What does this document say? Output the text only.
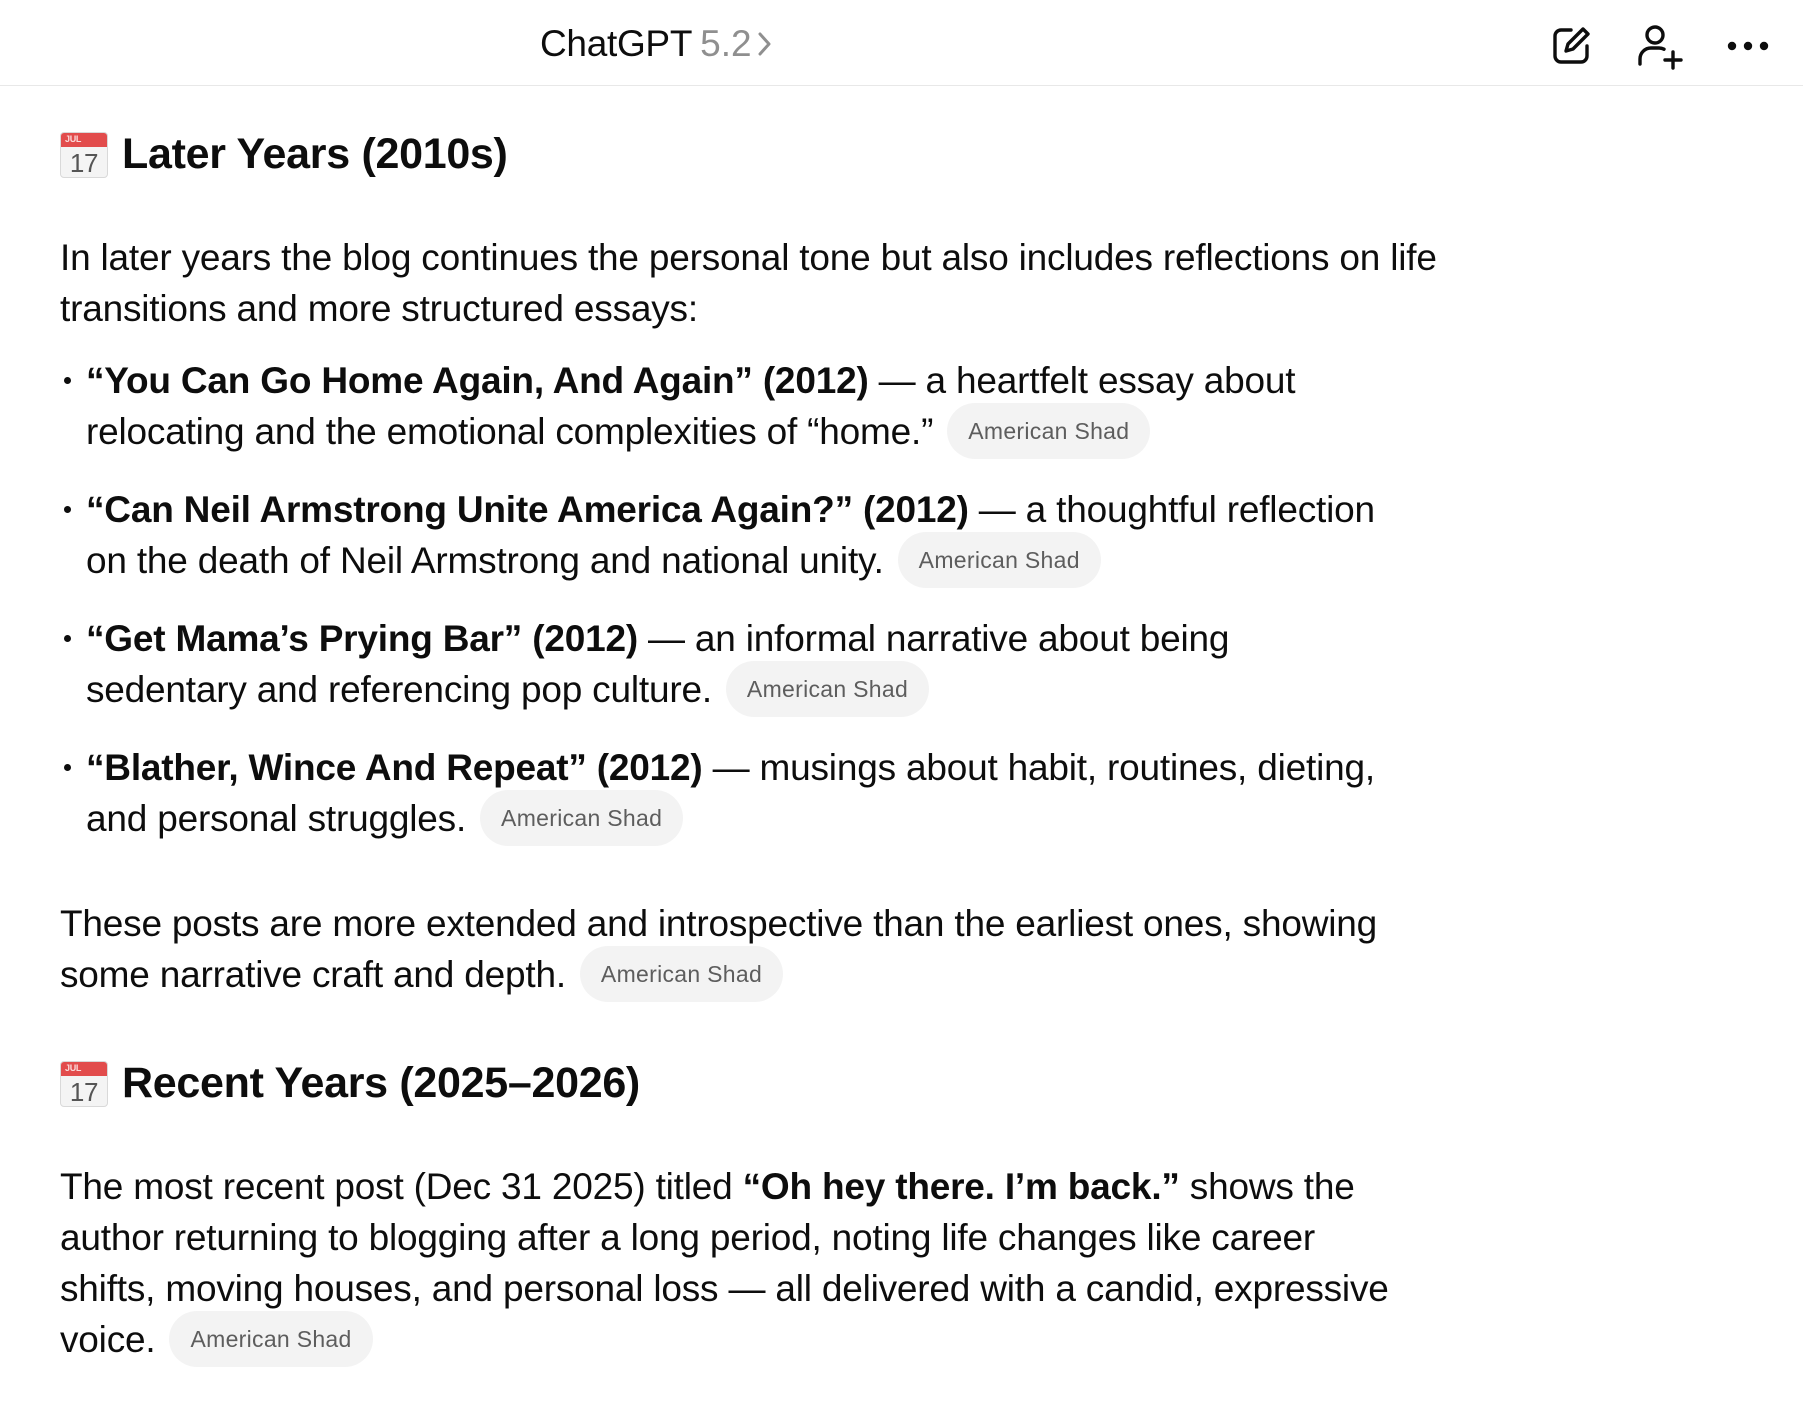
ChatGPT 5.2
JUL
17 Later Years (2010s)
In later years the blog continues the personal tone but also includes reflections on life transitions and more structured essays:
“You Can Go Home Again, And Again” (2012) — a heartfelt essay about
relocating and the emotional complexities of “home.” American Shad
“Can Neil Armstrong Unite America Again?” (2012) — a thoughtful reflection
on the death of Neil Armstrong and national unity. American Shad
“Get Mama’s Prying Bar” (2012) — an informal narrative about being
sedentary and referencing pop culture. American Shad
“Blather, Wince And Repeat” (2012) — musings about habit, routines, dieting,
and personal struggles. American Shad
These posts are more extended and introspective than the earliest ones, showing
some narrative craft and depth. American Shad
JUL
17 Recent Years (2025–2026)
The most recent post (Dec 31 2025) titled “Oh hey there. I’m back.” shows the
author returning to blogging after a long period, noting life changes like career
shifts, moving houses, and personal loss — all delivered with a candid, expressive
voice. American Shad
